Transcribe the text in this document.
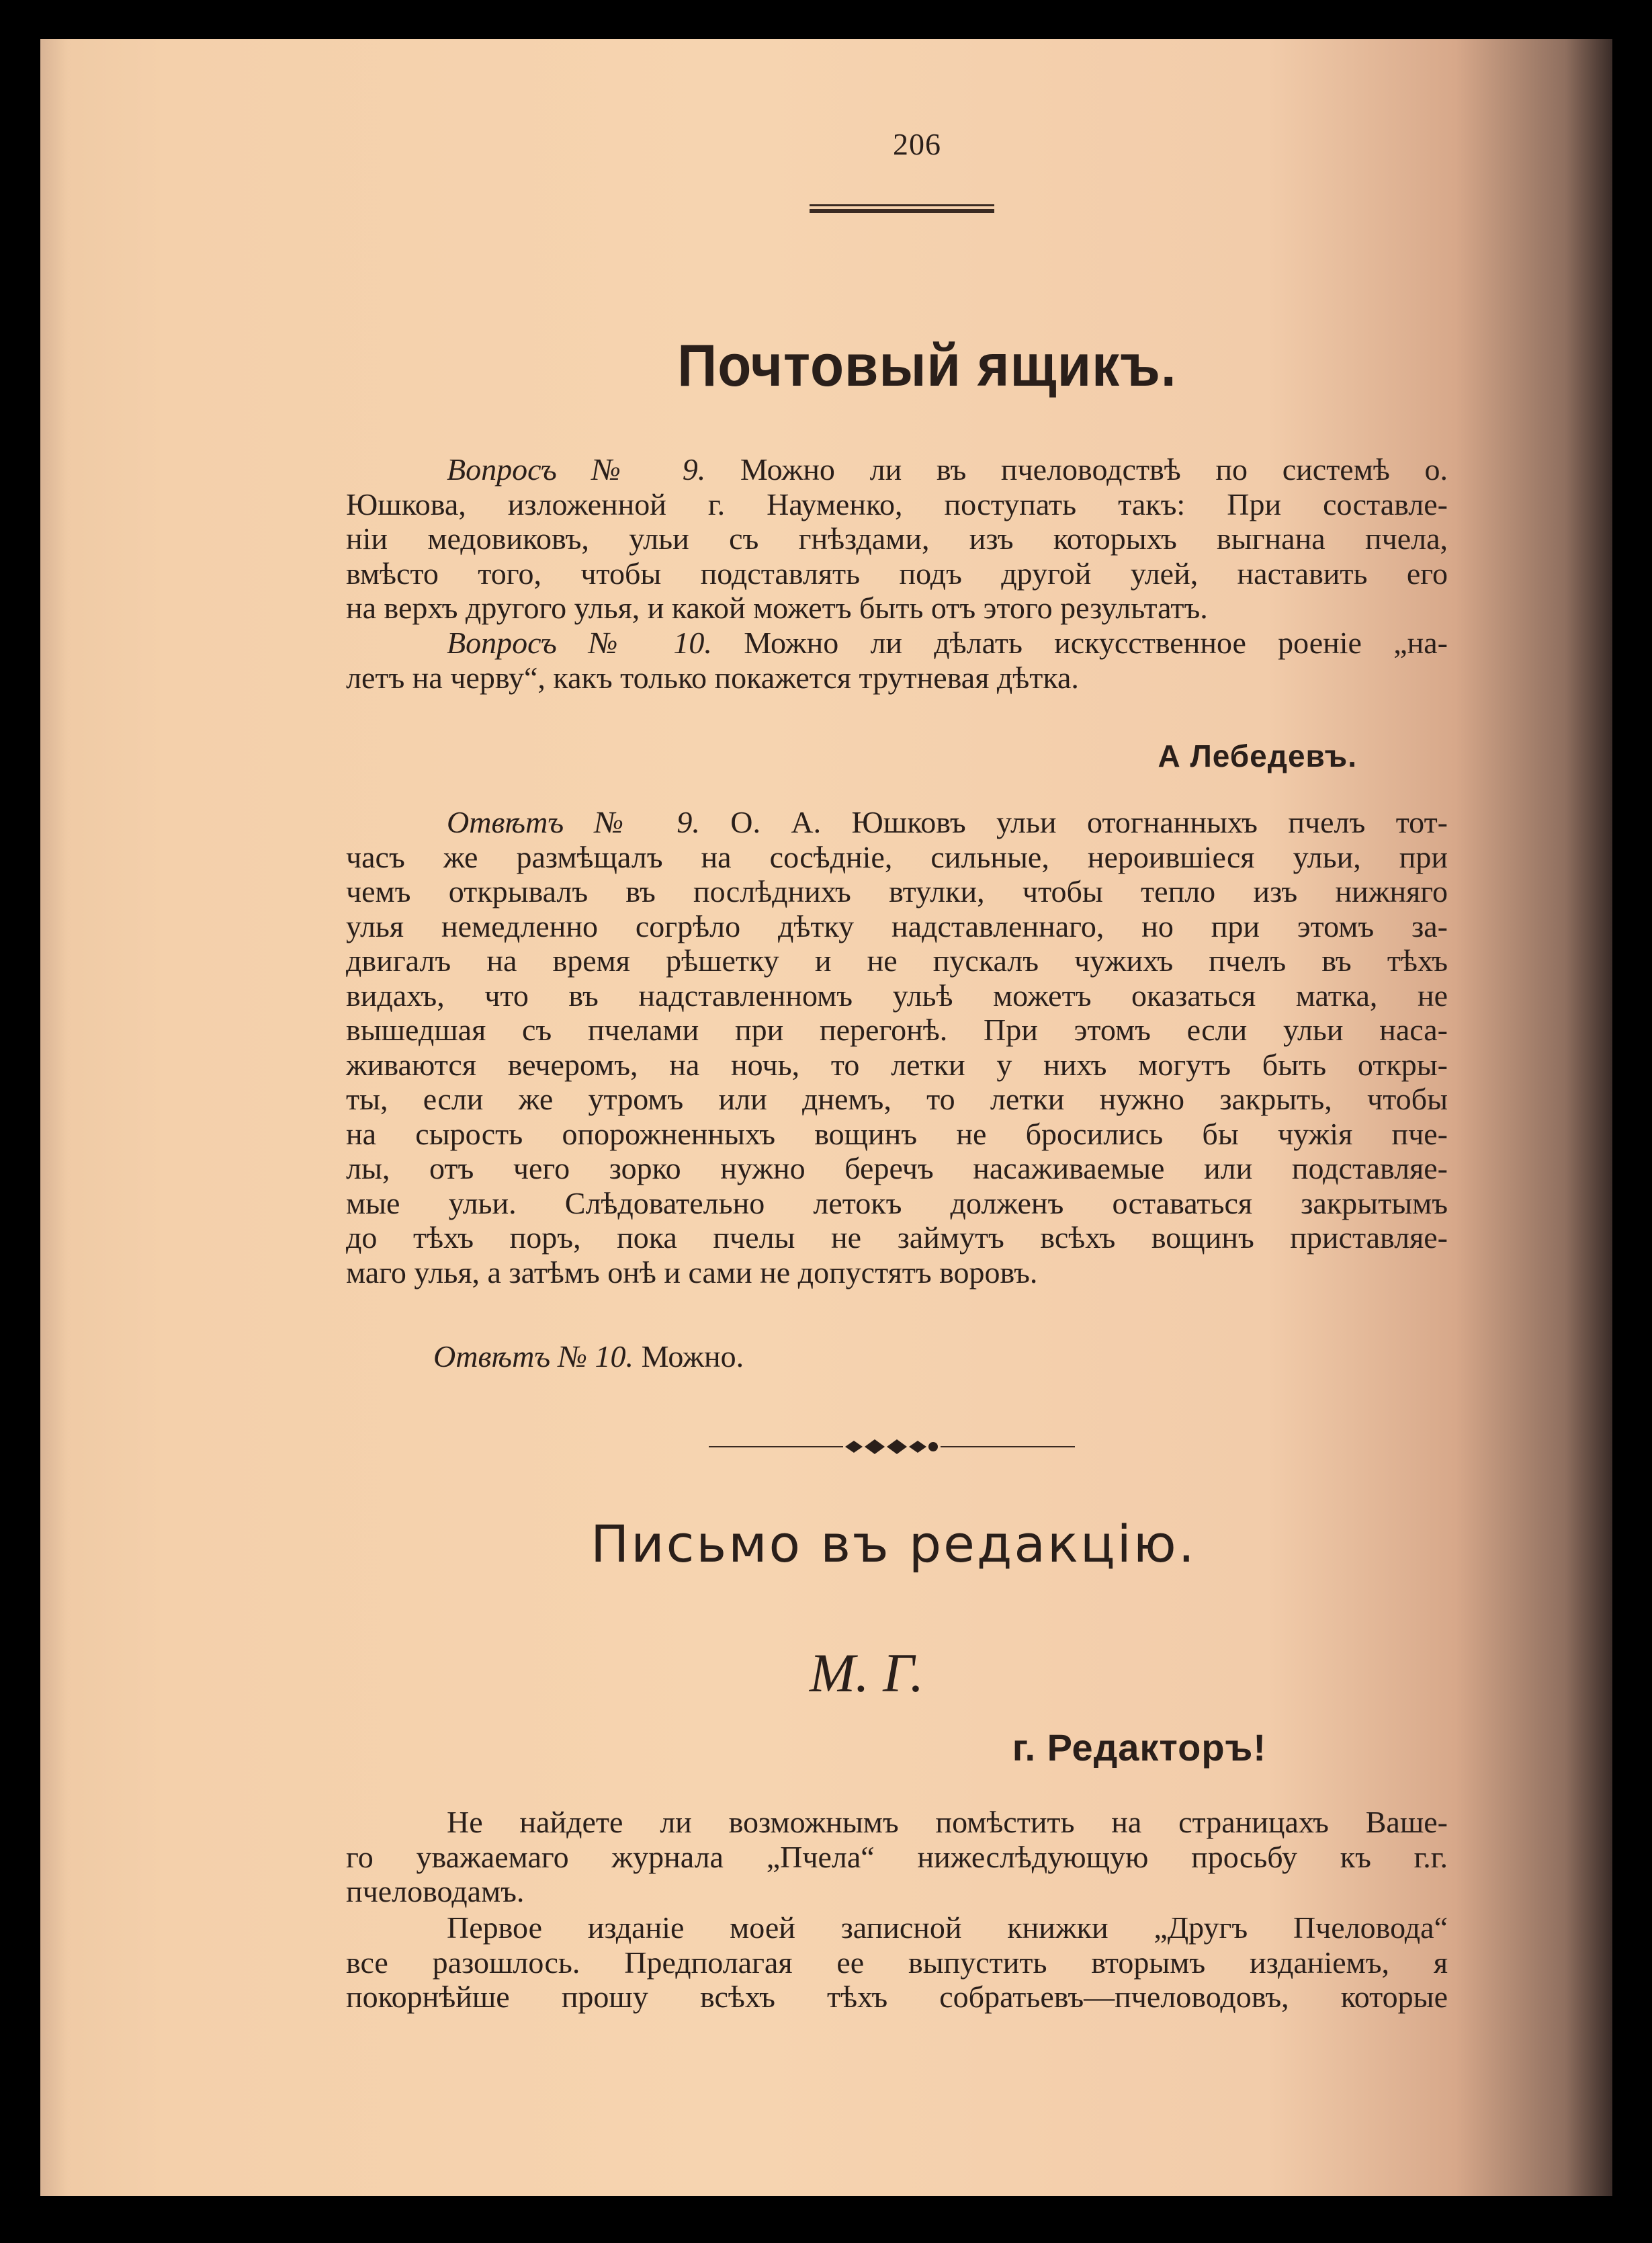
206
Почтовый ящикъ.
Вопросъ № 9. Можно ли въ пчеловодствѣ по системѣ о.
Юшкова, изложенной г. Науменко, поступать такъ: При составле-
ніи медовиковъ, ульи съ гнѣздами, изъ которыхъ выгнана пчела,
вмѣсто того, чтобы подставлять подъ другой улей, наставить его
на верхъ другого улья, и какой можетъ быть отъ этого результатъ.
Вопросъ № 10. Можно ли дѣлать искусственное роеніе „на-
летъ на черву“, какъ только покажется трутневая дѣтка.
А Лебедевъ.
Отвѣтъ № 9. О. А. Юшковъ ульи отогнанныхъ пчелъ тот-
часъ же размѣщалъ на сосѣдніе, сильные, нероившіеся ульи, при
чемъ открывалъ въ послѣднихъ втулки, чтобы тепло изъ нижняго
улья немедленно согрѣло дѣтку надставленнаго, но при этомъ за-
двигалъ на время рѣшетку и не пускалъ чужихъ пчелъ въ тѣхъ
видахъ, что въ надставленномъ ульѣ можетъ оказаться матка, не
вышедшая съ пчелами при перегонѣ. При этомъ если ульи наса-
живаются вечеромъ, на ночь, то летки у нихъ могутъ быть откры-
ты, если же утромъ или днемъ, то летки нужно закрыть, чтобы
на сырость опорожненныхъ вощинъ не бросились бы чужія пче-
лы, отъ чего зорко нужно беречъ насаживаемые или подставляе-
мые ульи. Слѣдовательно летокъ долженъ оставаться закрытымъ
до тѣхъ поръ, пока пчелы не займутъ всѣхъ вощинъ приставляе-
маго улья, а затѣмъ онѣ и сами не допустятъ воровъ.
Отвѣтъ № 10. Можно.
Письмо въ редакцію.
М. Г.
г. Редакторъ!
Не найдете ли возможнымъ помѣстить на страницахъ Ваше-
го уважаемаго журнала „Пчела“ нижеслѣдующую просьбу къ г.г.
пчеловодамъ.
Первое изданіе моей записной книжки „Другъ Пчеловода“
все разошлось. Предполагая ее выпустить вторымъ изданіемъ, я
покорнѣйше прошу всѣхъ тѣхъ собратьевъ—пчеловодовъ, которые
